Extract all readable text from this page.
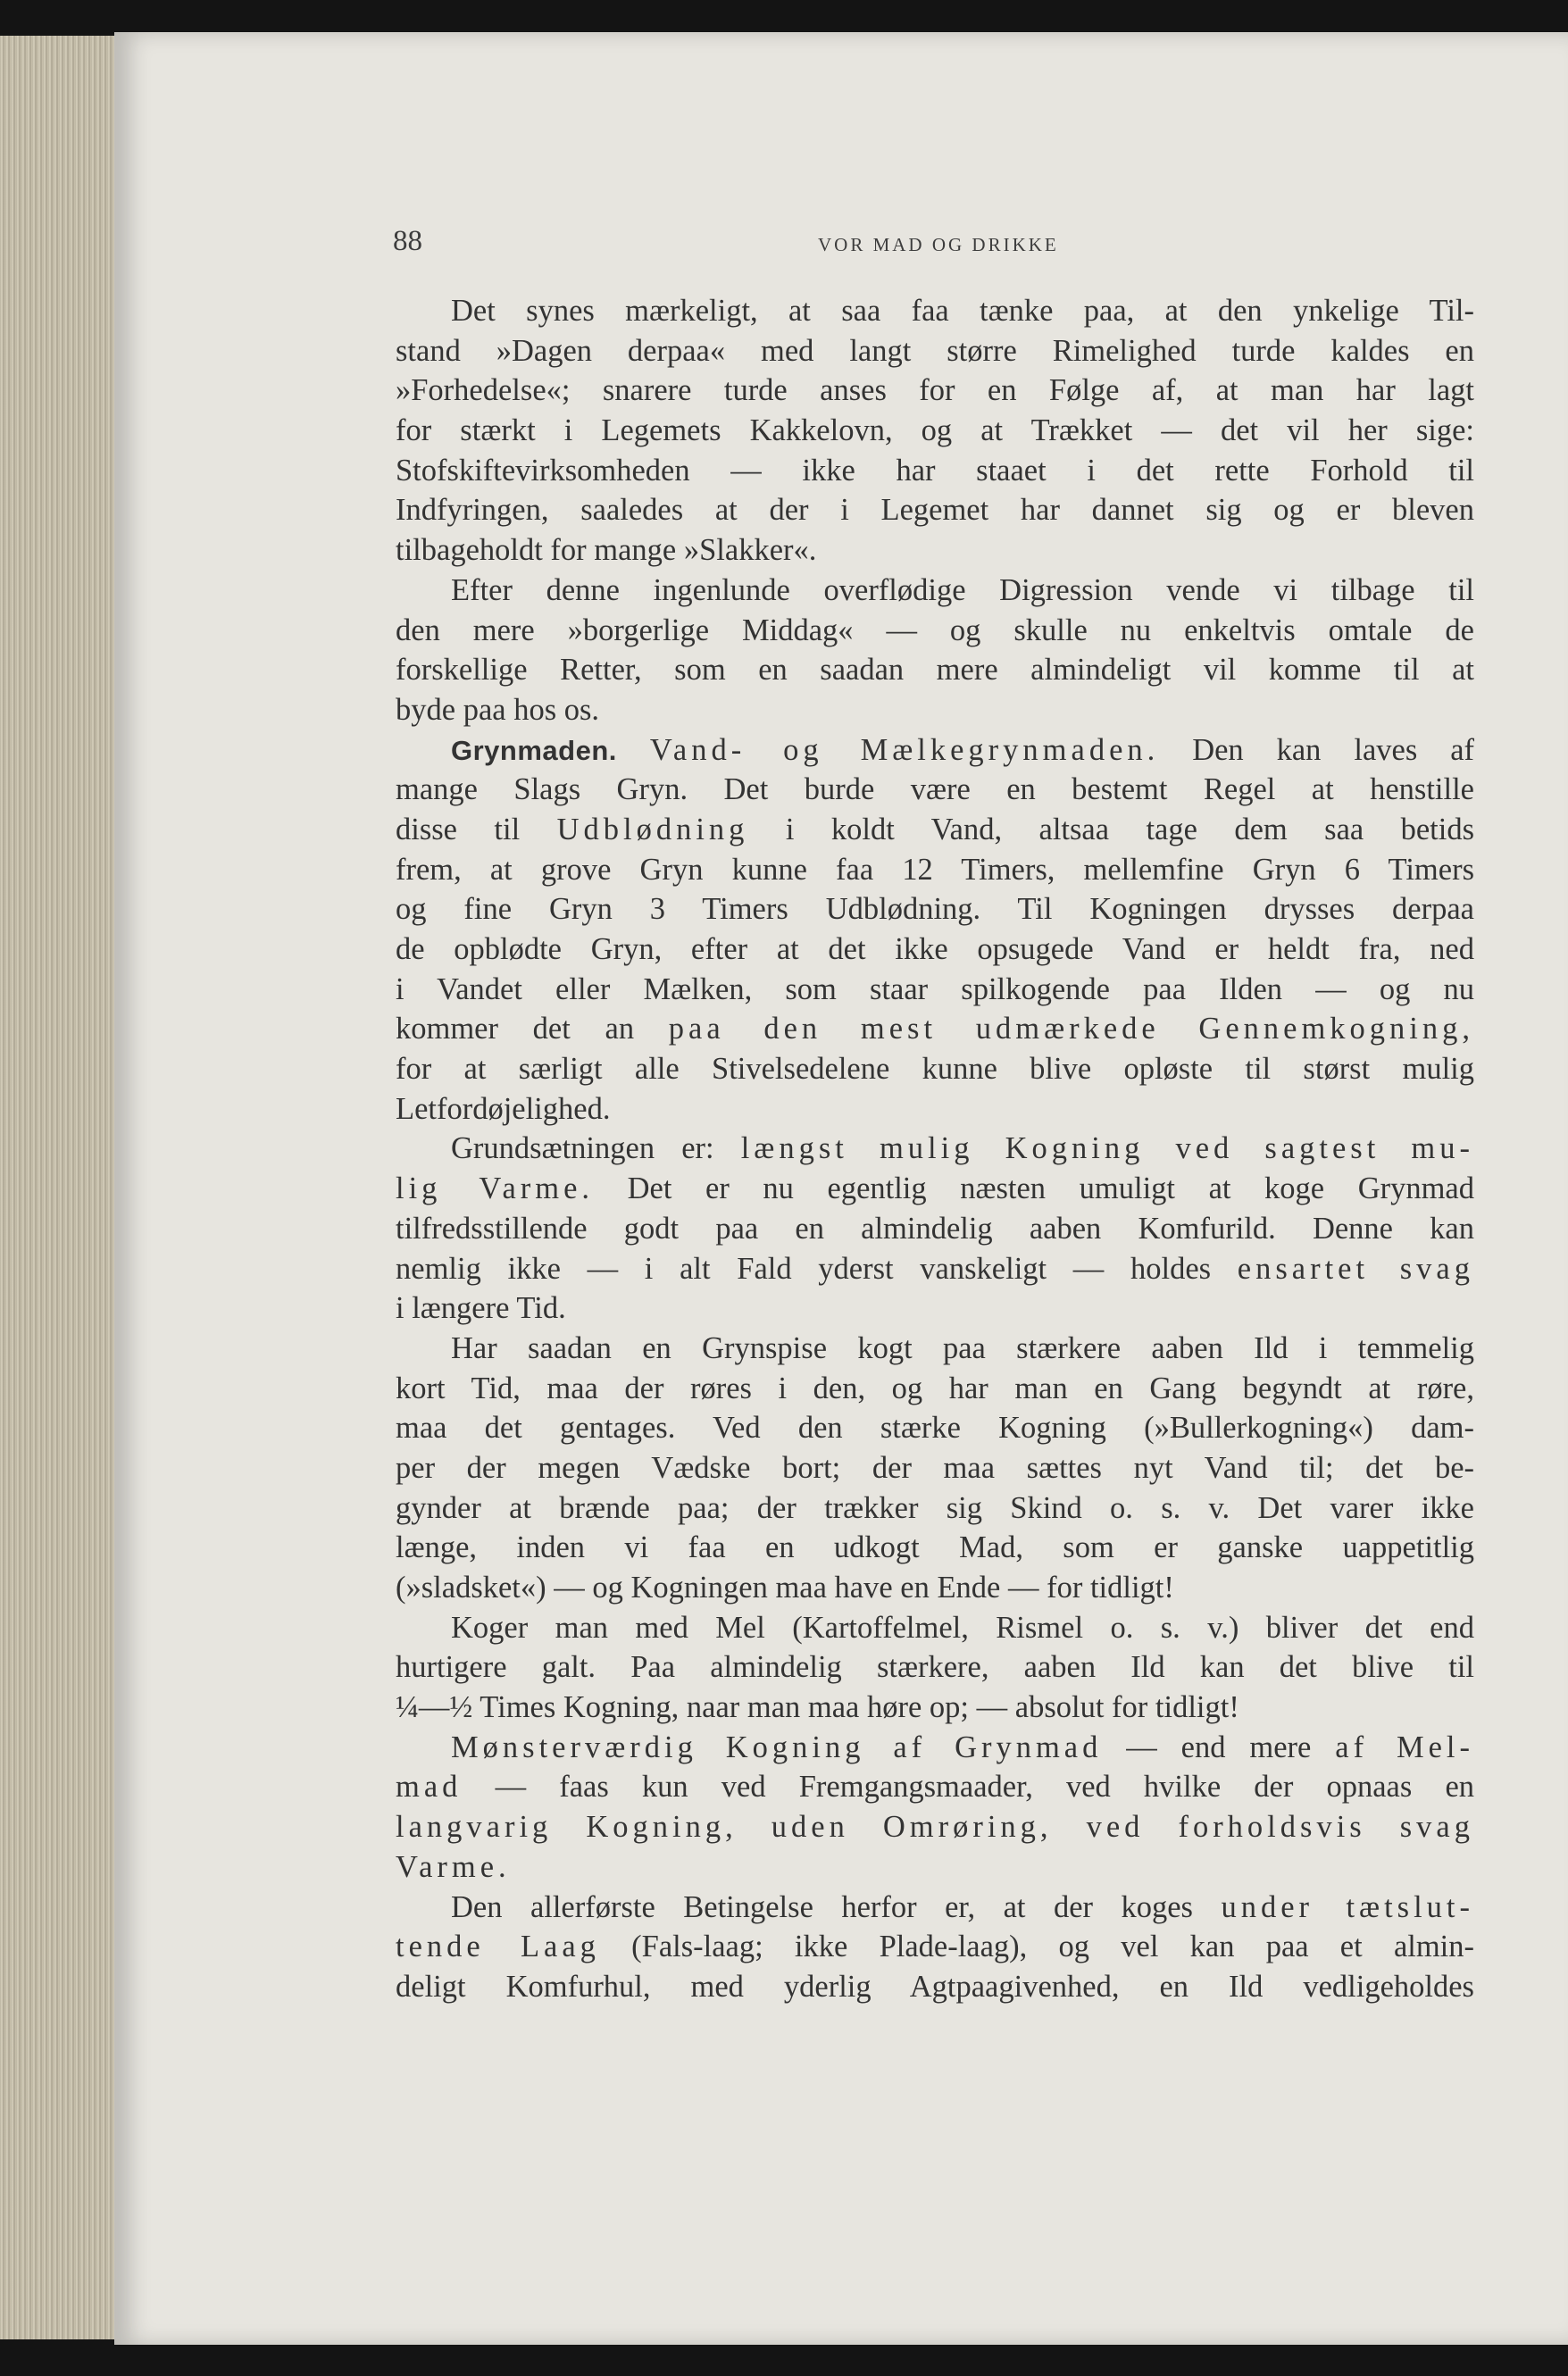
88	VOR MAD OG DRIKKE
Det synes mærkeligt, at saa faa tænke paa, at den ynkelige Til-
stand »Dagen derpaa« med langt større Rimelighed turde kaldes en
»Forhedelse«; snarere turde anses for en Følge af, at man har lagt
for stærkt i Legemets Kakkelovn, og at Trækket — det vil her sige:
Stofskiftevirksomheden — ikke har staaet i det rette Forhold til
Indfyringen, saaledes at der i Legemet har dannet sig og er bleven
tilbageholdt for mange »Slakker«.
Efter denne ingenlunde overflødige Digression vende vi tilbage til
den mere »borgerlige Middag« — og skulle nu enkeltvis omtale de
forskellige Retter, som en saadan mere almindeligt vil komme til at
byde paa hos os.
Grynmaden. Vand- og Mælkegrynmaden. Den kan laves af
mange Slags Gryn. Det burde være en bestemt Regel at henstille
disse til Udblødning i koldt Vand, altsaa tage dem saa betids
frem, at grove Gryn kunne faa 12 Timers, mellemfine Gryn 6 Timers
og fine Gryn 3 Timers Udblødning. Til Kogningen drysses derpaa
de opblødte Gryn, efter at det ikke opsugede Vand er heldt fra, ned
i Vandet eller Mælken, som staar spilkogende paa Ilden — og nu
kommer det an paa den mest udmærkede Gennemkogning,
for at særligt alle Stivelsedelene kunne blive opløste til størst mulig
Letfordøjelighed.
Grundsætningen er: længst mulig Kogning ved sagtest mu-
lig Varme. Det er nu egentlig næsten umuligt at koge Grynmad
tilfredsstillende godt paa en almindelig aaben Komfurild. Denne kan
nemlig ikke — i alt Fald yderst vanskeligt — holdes ensartet svag
i længere Tid.
Har saadan en Grynspise kogt paa stærkere aaben Ild i temmelig
kort Tid, maa der røres i den, og har man en Gang begyndt at røre,
maa det gentages. Ved den stærke Kogning (»Bullerkogning«) dam-
per der megen Vædske bort; der maa sættes nyt Vand til; det be-
gynder at brænde paa; der trækker sig Skind o. s. v. Det varer ikke
længe, inden vi faa en udkogt Mad, som er ganske uappetitlig
(»sladsket«) — og Kogningen maa have en Ende — for tidligt!
Koger man med Mel (Kartoffelmel, Rismel o. s. v.) bliver det end
hurtigere galt. Paa almindelig stærkere, aaben Ild kan det blive til
¼—½ Times Kogning, naar man maa høre op; — absolut for tidligt!
Mønsterværdig Kogning af Grynmad — end mere af Mel-
mad — faas kun ved Fremgangsmaader, ved hvilke der opnaas en
langvarig Kogning, uden Omrøring, ved forholdsvis svag
Varme.
Den allerførste Betingelse herfor er, at der koges under tætslut-
tende Laag (Fals-laag; ikke Plade-laag), og vel kan paa et almin-
deligt Komfurhul, med yderlig Agtpaagivenhed, en Ild vedligeholdes
